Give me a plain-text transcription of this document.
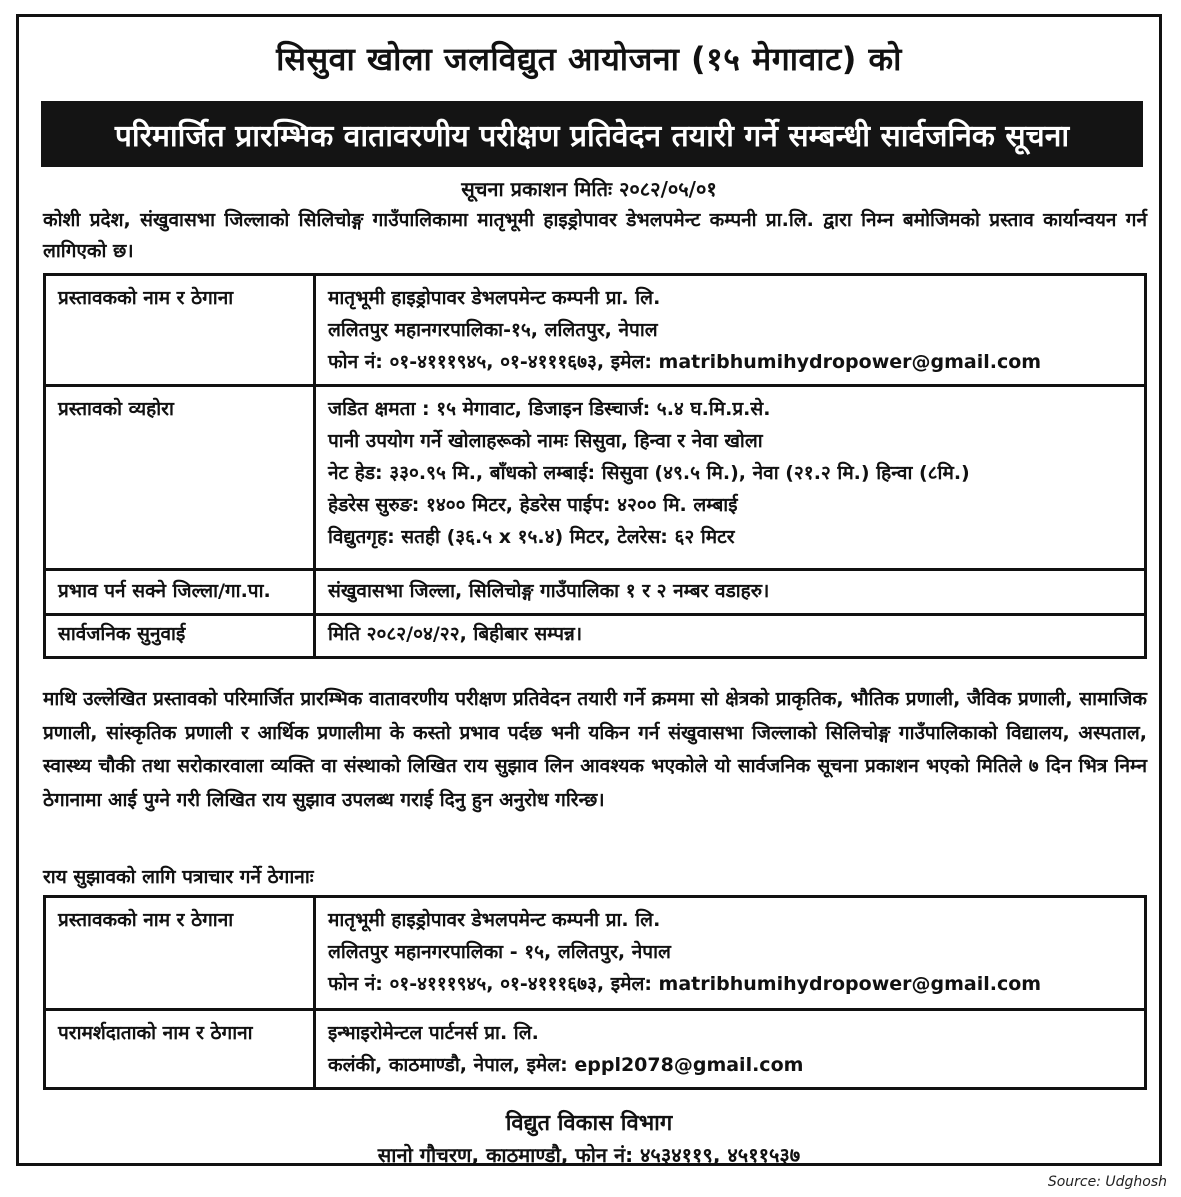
सिसुवा खोला जलविद्युत आयोजना (१५ मेगावाट) को
परिमार्जित प्रारम्भिक वातावरणीय परीक्षण प्रतिवेदन तयारी गर्ने सम्बन्धी सार्वजनिक सूचना
सूचना प्रकाशन मितिः २०८२/०५/०१
कोशी प्रदेश, संखुवासभा जिल्लाको सिलिचोङ्ग गाउँपालिकामा मातृभूमी हाइड्रोपावर डेभलपमेन्ट कम्पनी प्रा.लि. द्वारा निम्न बमोजिमको प्रस्ताव कार्यान्वयन गर्न लागिएको छ।
प्रस्तावकको नाम र ठेगाना	मातृभूमी हाइड्रोपावर डेभलपमेन्ट कम्पनी प्रा. लि.
ललितपुर महानगरपालिका-१५, ललितपुर, नेपाल
फोन नं: ०१-४१११९४५, ०१-४१११६७३, इमेल: matribhumihydropower@gmail.com

प्रस्तावको व्यहोरा	जडित क्षमता : १५ मेगावाट, डिजाइन डिस्चार्ज: ५.४ घ.मि.प्र.से.
पानी उपयोग गर्ने खोलाहरूको नामः सिसुवा, हिन्वा र नेवा खोला
नेट हेड: ३३०.९५ मि., बाँधको लम्बाई: सिसुवा (४९.५ मि.), नेवा (२१.२ मि.) हिन्वा (८मि.)
हेडरेस सुरुङ: १४०० मिटर, हेडरेस पाईप: ४२०० मि. लम्बाई
विद्युतगृह: सतही (३६.५ x १५.४) मिटर, टेलरेस: ६२ मिटर

प्रभाव पर्न सक्ने जिल्ला/गा.पा.	संखुवासभा जिल्ला, सिलिचोङ्ग गाउँपालिका १ र २ नम्बर वडाहरु।

सार्वजनिक सुनुवाई	मिति २०८२/०४/२२, बिहीबार सम्पन्न।
माथि उल्लेखित प्रस्तावको परिमार्जित प्रारम्भिक वातावरणीय परीक्षण प्रतिवेदन तयारी गर्ने क्रममा सो क्षेत्रको प्राकृतिक, भौतिक प्रणाली, जैविक प्रणाली, सामाजिक प्रणाली, सांस्कृतिक प्रणाली र आर्थिक प्रणालीमा के कस्तो प्रभाव पर्दछ भनी यकिन गर्न संखुवासभा जिल्लाको सिलिचोङ्ग गाउँपालिकाको विद्यालय, अस्पताल, स्वास्थ्य चौकी तथा सरोकारवाला व्यक्ति वा संस्थाको लिखित राय सुझाव लिन आवश्यक भएकोले यो सार्वजनिक सूचना प्रकाशन भएको मितिले ७ दिन भित्र निम्न ठेगानामा आई पुग्ने गरी लिखित राय सुझाव उपलब्ध गराई दिनु हुन अनुरोध गरिन्छ।
राय सुझावको लागि पत्राचार गर्ने ठेगानाः
प्रस्तावकको नाम र ठेगाना	मातृभूमी हाइड्रोपावर डेभलपमेन्ट कम्पनी प्रा. लि.
ललितपुर महानगरपालिका - १५, ललितपुर, नेपाल
फोन नं: ०१-४१११९४५, ०१-४१११६७३, इमेल: matribhumihydropower@gmail.com

परामर्शदाताको नाम र ठेगाना	इन्भाइरोमेन्टल पार्टनर्स प्रा. लि.
कलंकी, काठमाण्डौ, नेपाल, इमेल: eppl2078@gmail.com
विद्युत विकास विभाग
सानो गौचरण, काठमाण्डौ, फोन नं: ४५३४११९, ४५११५३७
Source: Udghosh
